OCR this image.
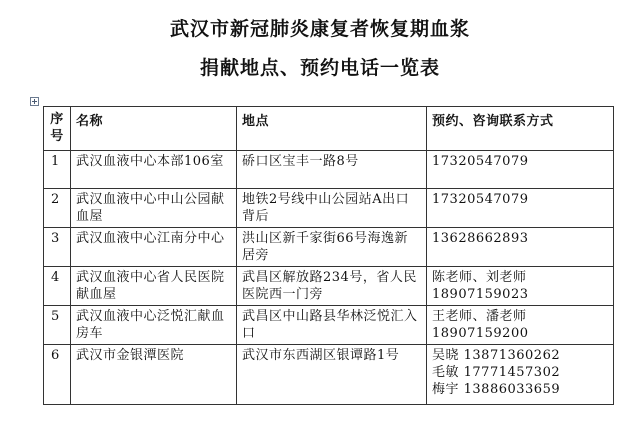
武汉市新冠肺炎康复者恢复期血浆
捐献地点、预约电话一览表
序号	名称	地点	预约、咨询联系方式
1	武汉血液中心本部106室	硚口区宝丰一路8号	17320547079

2	武汉血液中心中山公园献血屋	地铁2号线中山公园站A出口背后	17320547079

3	武汉血液中心江南分中心	洪山区新千家街66号海逸新居旁	13628662893

4	武汉血液中心省人民医院献血屋	武昌区解放路234号，省人民医院西一门旁	陈老师、刘老师
18907159023

5	武汉血液中心泛悦汇献血房车	武昌区中山路县华林泛悦汇入口	王老师、潘老师
18907159200

6	武汉市金银潭医院	武汉市东西湖区银谭路1号	吴晓 13871360262
毛敏 17771457302
梅宇 13886033659
